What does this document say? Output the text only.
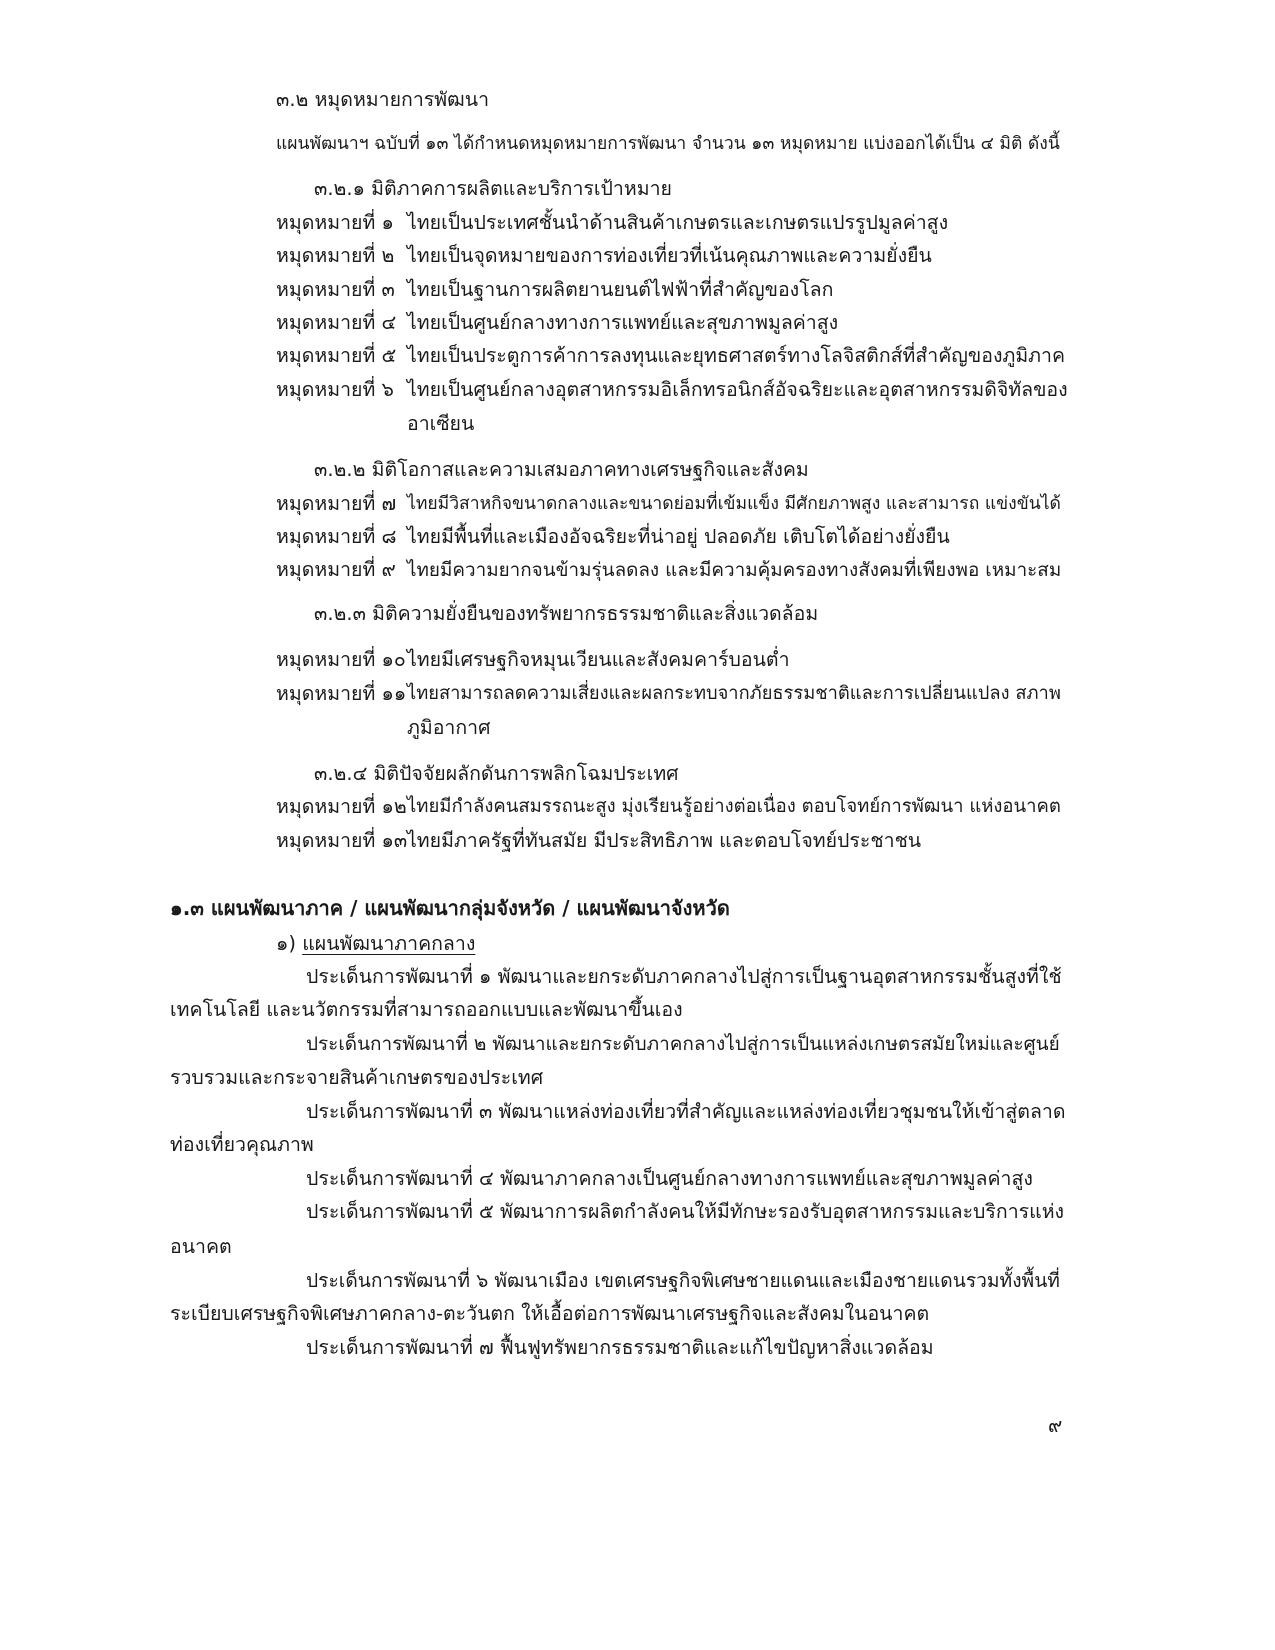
๓.๒ หมุดหมายการพัฒนา
แผนพัฒนาฯ ฉบับที่ ๑๓ ได้กำหนดหมุดหมายการพัฒนา จำนวน ๑๓ หมุดหมาย แบ่งออกได้เป็น ๔ มิติ ดังนี้
๓.๒.๑ มิติภาคการผลิตและบริการเป้าหมาย
หมุดหมายที่ ๑ ไทยเป็นประเทศชั้นนำด้านสินค้าเกษตรและเกษตรแปรรูปมูลค่าสูง
หมุดหมายที่ ๒ ไทยเป็นจุดหมายของการท่องเที่ยวที่เน้นคุณภาพและความยั่งยืน
หมุดหมายที่ ๓ ไทยเป็นฐานการผลิตยานยนต์ไฟฟ้าที่สำคัญของโลก
หมุดหมายที่ ๔ ไทยเป็นศูนย์กลางทางการแพทย์และสุขภาพมูลค่าสูง
หมุดหมายที่ ๕ ไทยเป็นประตูการค้าการลงทุนและยุทธศาสตร์ทางโลจิสติกส์ที่สำคัญของภูมิภาค
หมุดหมายที่ ๖ ไทยเป็นศูนย์กลางอุตสาหกรรมอิเล็กทรอนิกส์อัจฉริยะและอุตสาหกรรมดิจิทัลของ
อาเซียน
๓.๒.๒ มิติโอกาสและความเสมอภาคทางเศรษฐกิจและสังคม
หมุดหมายที่ ๗ ไทยมีวิสาหกิจขนาดกลางและขนาดย่อมที่เข้มแข็ง มีศักยภาพสูง และสามารถ แข่งขันได้
หมุดหมายที่ ๘ ไทยมีพื้นที่และเมืองอัจฉริยะที่น่าอยู่ ปลอดภัย เติบโตได้อย่างยั่งยืน
หมุดหมายที่ ๙ ไทยมีความยากจนข้ามรุ่นลดลง และมีความคุ้มครองทางสังคมที่เพียงพอ เหมาะสม
๓.๒.๓ มิติความยั่งยืนของทรัพยากรธรรมชาติและสิ่งแวดล้อม
หมุดหมายที่ ๑๐ ไทยมีเศรษฐกิจหมุนเวียนและสังคมคาร์บอนต่ำ
หมุดหมายที่ ๑๑ ไทยสามารถลดความเสี่ยงและผลกระทบจากภัยธรรมชาติและการเปลี่ยนแปลง สภาพ
ภูมิอากาศ
๓.๒.๔ มิติปัจจัยผลักดันการพลิกโฉมประเทศ
หมุดหมายที่ ๑๒ ไทยมีกำลังคนสมรรถนะสูง มุ่งเรียนรู้อย่างต่อเนื่อง ตอบโจทย์การพัฒนา แห่งอนาคต
หมุดหมายที่ ๑๓ ไทยมีภาครัฐที่ทันสมัย มีประสิทธิภาพ และตอบโจทย์ประชาชน
๑.๓ แผนพัฒนาภาค / แผนพัฒนากลุ่มจังหวัด / แผนพัฒนาจังหวัด
๑) แผนพัฒนาภาคกลาง
ประเด็นการพัฒนาที่ ๑ พัฒนาและยกระดับภาคกลางไปสู่การเป็นฐานอุตสาหกรรมชั้นสูงที่ใช้
เทคโนโลยี และนวัตกรรมที่สามารถออกแบบและพัฒนาขึ้นเอง
ประเด็นการพัฒนาที่ ๒ พัฒนาและยกระดับภาคกลางไปสู่การเป็นแหล่งเกษตรสมัยใหม่และศูนย์
รวบรวมและกระจายสินค้าเกษตรของประเทศ
ประเด็นการพัฒนาที่ ๓ พัฒนาแหล่งท่องเที่ยวที่สำคัญและแหล่งท่องเที่ยวชุมชนให้เข้าสู่ตลาด
ท่องเที่ยวคุณภาพ
ประเด็นการพัฒนาที่ ๔ พัฒนาภาคกลางเป็นศูนย์กลางทางการแพทย์และสุขภาพมูลค่าสูง
ประเด็นการพัฒนาที่ ๕ พัฒนาการผลิตกำลังคนให้มีทักษะรองรับอุตสาหกรรมและบริการแห่ง
อนาคต
ประเด็นการพัฒนาที่ ๖ พัฒนาเมือง เขตเศรษฐกิจพิเศษชายแดนและเมืองชายแดนรวมทั้งพื้นที่
ระเบียบเศรษฐกิจพิเศษภาคกลาง-ตะวันตก ให้เอื้อต่อการพัฒนาเศรษฐกิจและสังคมในอนาคต
ประเด็นการพัฒนาที่ ๗ ฟื้นฟูทรัพยากรธรรมชาติและแก้ไขปัญหาสิ่งแวดล้อม
๙
